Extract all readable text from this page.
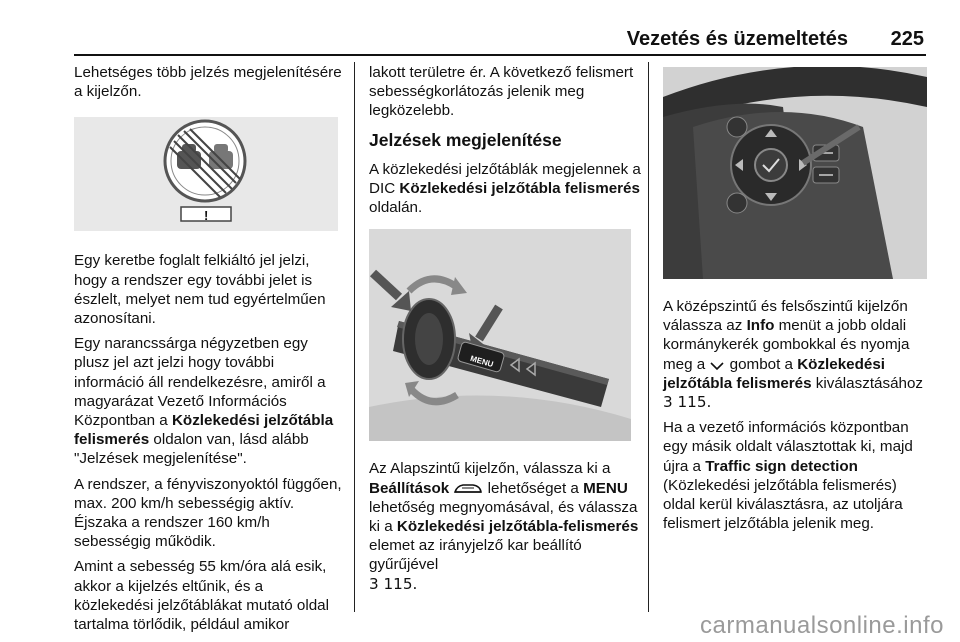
Vezetés és üzemeltetés 225

Lehetséges több jelzés megjelenítésére a kijelzőn.

!

Egy keretbe foglalt felkiáltó jel jelzi, hogy a rendszer egy további jelet is észlelt, melyet nem tud egyértelműen azonosítani.

Egy narancssárga négyzetben egy plusz jel azt jelzi hogy további információ áll rendelkezésre, amiről a magyarázat Vezető Információs Központban a Közlekedési jelzőtábla felismerés oldalon van, lásd alább "Jelzések megjelenítése".

A rendszer, a fényviszonyoktól függően, max. 200 km/h sebességig aktív. Éjszaka a rendszer 160 km/h sebességig működik.

Amint a sebesség 55 km/óra alá esik, akkor a kijelzés eltűnik, és a közlekedési jelzőtáblákat mutató oldal tartalma törlődik, például amikor

lakott területre ér. A következő felismert sebességkorlátozás jelenik meg legközelebb.

Jelzések megjelenítése

A közlekedési jelzőtáblák megjelennek a DIC Közlekedési jelzőtábla felismerés oldalán.

MENU

Az Alapszintű kijelzőn, válassza ki a Beállítások  lehetőséget a MENU lehetőség megnyomásával, és válassza ki a Közlekedési jelzőtábla-felismerés elemet az irányjelző kar beállító gyűrűjével
3 115.

A középszintű és felsőszintű kijelzőn válassza az Info menüt a jobb oldali kormánykerék gombokkal és nyomja meg a  gombot a Közlekedési jelzőtábla felismerés kiválasztásához
3 115.

Ha a vezető információs központban egy másik oldalt választottak ki, majd újra a Traffic sign detection (Közlekedési jelzőtábla felismerés) oldal kerül kiválasztásra, az utoljára felismert jelzőtábla jelenik meg.

carmanualsonline.info
